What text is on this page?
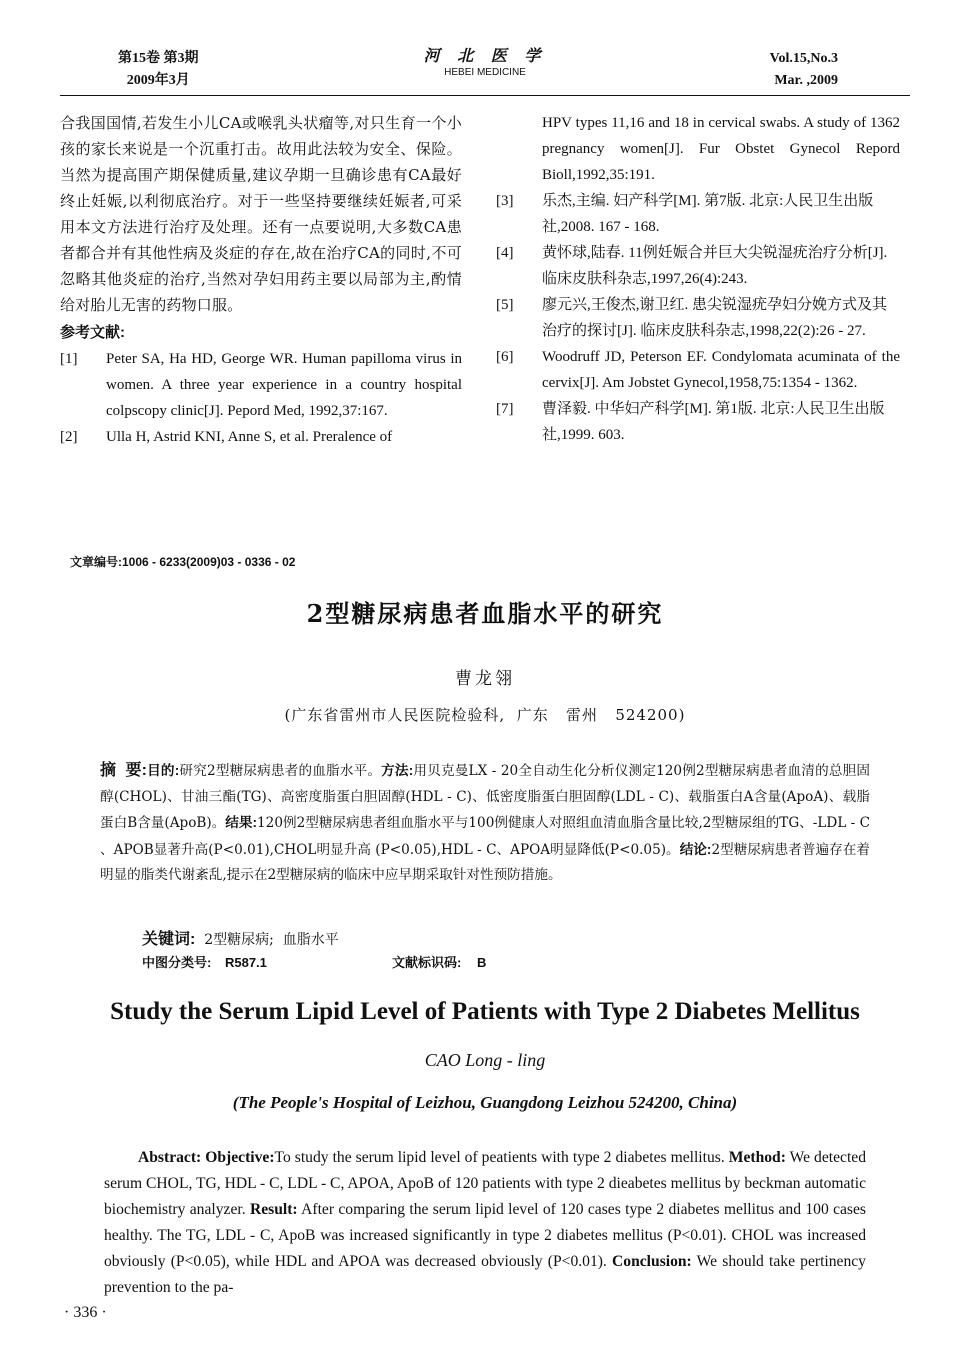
第15卷 第3期
2009年3月
河 北 医 学
HEBEI MEDICINE
Vol.15,No.3
Mar. ,2009

合我国国情,若发生小儿CA或喉乳头状瘤等,对只生育一个小孩的家长来说是一个沉重打击。故用此法较为安全、保险。当然为提高围产期保健质量,建议孕期一旦确诊患有CA最好终止妊娠,以利彻底治疗。对于一些坚持要继续妊娠者,可采用本文方法进行治疗及处理。还有一点要说明,大多数CA患者都合并有其他性病及炎症的存在,故在治疗CA的同时,不可忽略其他炎症的治疗,当然对孕妇用药主要以局部为主,酌情给对胎儿无害的药物口服。

参考文献:
[1]	Peter SA, Ha HD, George WR. Human papilloma virus in women. A three year experience in a country hospital colpscopy clinic[J]. Pepord Med, 1992,37:167.
[2]	Ulla H, Astrid KNI, Anne S, et al. Preralence of
HPV types 11,16 and 18 in cervical swabs. A study of 1362 pregnancy women[J]. Fur Obstet Gynecol Repord Bioll,1992,35:191.
[3]	乐杰,主编. 妇产科学[M]. 第7版. 北京:人民卫生出版社,2008. 167 - 168.
[4]	黄怀球,陆春. 11例妊娠合并巨大尖锐湿疣治疗分析[J]. 临床皮肤科杂志,1997,26(4):243.
[5]	廖元兴,王俊杰,谢卫红. 患尖锐湿疣孕妇分娩方式及其治疗的探讨[J]. 临床皮肤科杂志,1998,22(2):26 - 27.
[6]	Woodruff JD, Peterson EF. Condylomata acuminata of the cervix[J]. Am Jobstet Gynecol,1958,75:1354 - 1362.
[7]	曹泽毅. 中华妇产科学[M]. 第1版. 北京:人民卫生出版社,1999. 603.
文章编号:1006 - 6233(2009)03 - 0336 - 02
2型糖尿病患者血脂水平的研究
曹龙翎
(广东省雷州市人民医院检验科,  广东   雷州   524200)
摘  要:目的:研究2型糖尿病患者的血脂水平。方法:用贝克曼LX - 20全自动生化分析仪测定120例2型糖尿病患者血清的总胆固醇(CHOL)、甘油三酯(TG)、高密度脂蛋白胆固醇(HDL - C)、低密度脂蛋白胆固醇(LDL - C)、载脂蛋白A含量(ApoA)、载脂蛋白B含量(ApoB)。结果:120例2型糖尿病患者组血脂水平与100例健康人对照组血清血脂含量比较,2型糖尿组的TG、-LDL - C 、APOB显著升高(P<0.01),CHOL明显升高 (P<0.05),HDL - C、APOA明显降低(P<0.05)。结论:2型糖尿病患者普遍存在着明显的脂类代谢紊乱,提示在2型糖尿病的临床中应早期采取针对性预防措施。
关键词: 2型糖尿病;  血脂水平
中图分类号: R587.1	文献标识码: B
Study the Serum Lipid Level of Patients with Type 2 Diabetes Mellitus
CAO Long - ling
(The People's Hospital of Leizhou, Guangdong Leizhou 524200, China)
Abstract: Objective:To study the serum lipid level of peatients with type 2 diabetes mellitus. Method: We detected serum CHOL, TG, HDL - C, LDL - C, APOA, ApoB of 120 patients with type 2 dieabetes mellitus by beckman automatic biochemistry analyzer. Result: After comparing the serum lipid level of 120 cases type 2 diabetes mellitus and 100 cases healthy. The TG, LDL - C, ApoB was increased significantly in type 2 diabetes mellitus (P<0.01). CHOL was increased obviously (P<0.05), while HDL and APOA was decreased obviously (P<0.01). Conclusion: We should take pertinency prevention to the pa-
· 336 ·
